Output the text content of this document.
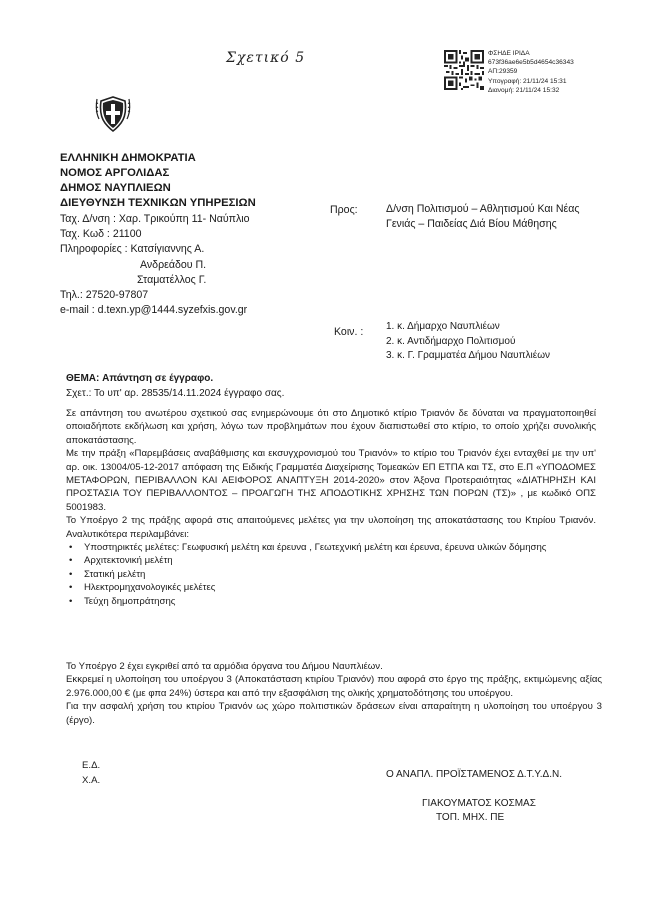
Σχετικό 5	ΦΣΗΔΕ ΙΡΙΔΑ
673f36ae6e5b5d4654c36343
ΑΠ:29359
Υπογραφή: 21/11/24 15:31
Διανομή: 21/11/24 15:32
ΕΛΛΗΝΙΚΗ ΔΗΜΟΚΡΑΤΙΑ
ΝΟΜΟΣ ΑΡΓΟΛΙΔΑΣ
ΔΗΜΟΣ ΝΑΥΠΛΙΕΩΝ
ΔΙΕΥΘΥΝΣΗ ΤΕΧΝΙΚΩΝ ΥΠΗΡΕΣΙΩΝ
Ταχ. Δ/νση : Χαρ. Τρικούπη 11- Ναύπλιο
Ταχ. Κωδ : 21100
Πληροφορίες : Κατσίγιαννης Α.
Ανδρεάδου Π.
Σταματέλλος Γ.
Τηλ.: 27520-97807
e-mail : d.texn.yp@1444.syzefxis.gov.gr
Προς:	Δ/νση Πολιτισμού – Αθλητισμού Και Νέας
Γενιάς – Παιδείας Διά Βίου Μάθησης
Κοιν. : 1. κ. Δήμαρχο Ναυπλιέων
2. κ. Αντιδήμαρχο Πολιτισμού
3. κ. Γ. Γραμματέα Δήμου Ναυπλιέων
ΘΕΜΑ: Απάντηση σε έγγραφο.
Σχετ.: Το υπ' αρ. 28535/14.11.2024 έγγραφο σας.

Σε απάντηση του ανωτέρου σχετικού σας ενημερώνουμε ότι στο Δημοτικό κτίριο Τριανόν δε δύναται να πραγματοποιηθεί οποιαδήποτε εκδήλωση και χρήση, λόγω των προβλημάτων που έχουν διαπιστωθεί στο κτίριο, το οποίο χρήζει συνολικής αποκατάστασης.

Με την πράξη «Παρεμβάσεις αναβάθμισης και εκσυγχρονισμού του Τριανόν» το κτίριο του Τριανόν έχει ενταχθεί με την υπ' αρ. οικ. 13004/05-12-2017 απόφαση της Ειδικής Γραμματέα Διαχείρισης Τομεακών ΕΠ ΕΤΠΑ και ΤΣ, στο Ε.Π «ΥΠΟΔΟΜΕΣ ΜΕΤΑΦΟΡΩΝ, ΠΕΡΙΒΑΛΛΟΝ ΚΑΙ ΑΕΙΦΟΡΟΣ ΑΝΑΠΤΥΞΗ 2014-2020» στον Άξονα Προτεραιότητας «ΔΙΑΤΗΡΗΣΗ ΚΑΙ ΠΡΟΣΤΑΣΙΑ ΤΟΥ ΠΕΡΙΒΑΛΛΟΝΤΟΣ – ΠΡΟΑΓΩΓΗ ΤΗΣ ΑΠΟΔΟΤΙΚΗΣ ΧΡΗΣΗΣ ΤΩΝ ΠΟΡΩΝ (ΤΣ)» , με κωδικό ΟΠΣ 5001983.

Το Υποέργο 2 της πράξης αφορά στις απαιτούμενες μελέτες για την υλοποίηση της αποκατάστασης του Κτιρίου Τριανόν. Αναλυτικότερα περιλαμβάνει:

• Υποστηρικτές μελέτες: Γεωφυσική μελέτη και έρευνα , Γεωτεχνική μελέτη και έρευνα, έρευνα υλικών δόμησης
• Αρχιτεκτονική μελέτη
• Στατική μελέτη
• Ηλεκτρομηχανολογικές μελέτες
• Τεύχη δημοπράτησης

Το Υποέργο 2 έχει εγκριθεί από τα αρμόδια όργανα του Δήμου Ναυπλιέων.

Εκκρεμεί η υλοποίηση του υποέργου 3 (Αποκατάσταση κτιρίου Τριανόν) που αφορά στο έργο της πράξης, εκτιμώμενης αξίας 2.976.000,00 € (με φπα 24%) ύστερα και από την εξασφάλιση της ολικής χρηματοδότησης του υποέργου.

Για την ασφαλή χρήση του κτιρίου Τριανόν ως χώρο πολιτιστικών δράσεων είναι απαραίτητη η υλοποίηση του υποέργου 3 (έργο).

Ε.Δ.
Χ.Α.
Ο ΑΝΑΠΛ. ΠΡΟΪΣΤΑΜΕΝΟΣ Δ.Τ.Υ.Δ.Ν.
ΓΙΑΚΟΥΜΑΤΟΣ ΚΟΣΜΑΣ
ΤΟΠ. ΜΗΧ. ΠΕ
